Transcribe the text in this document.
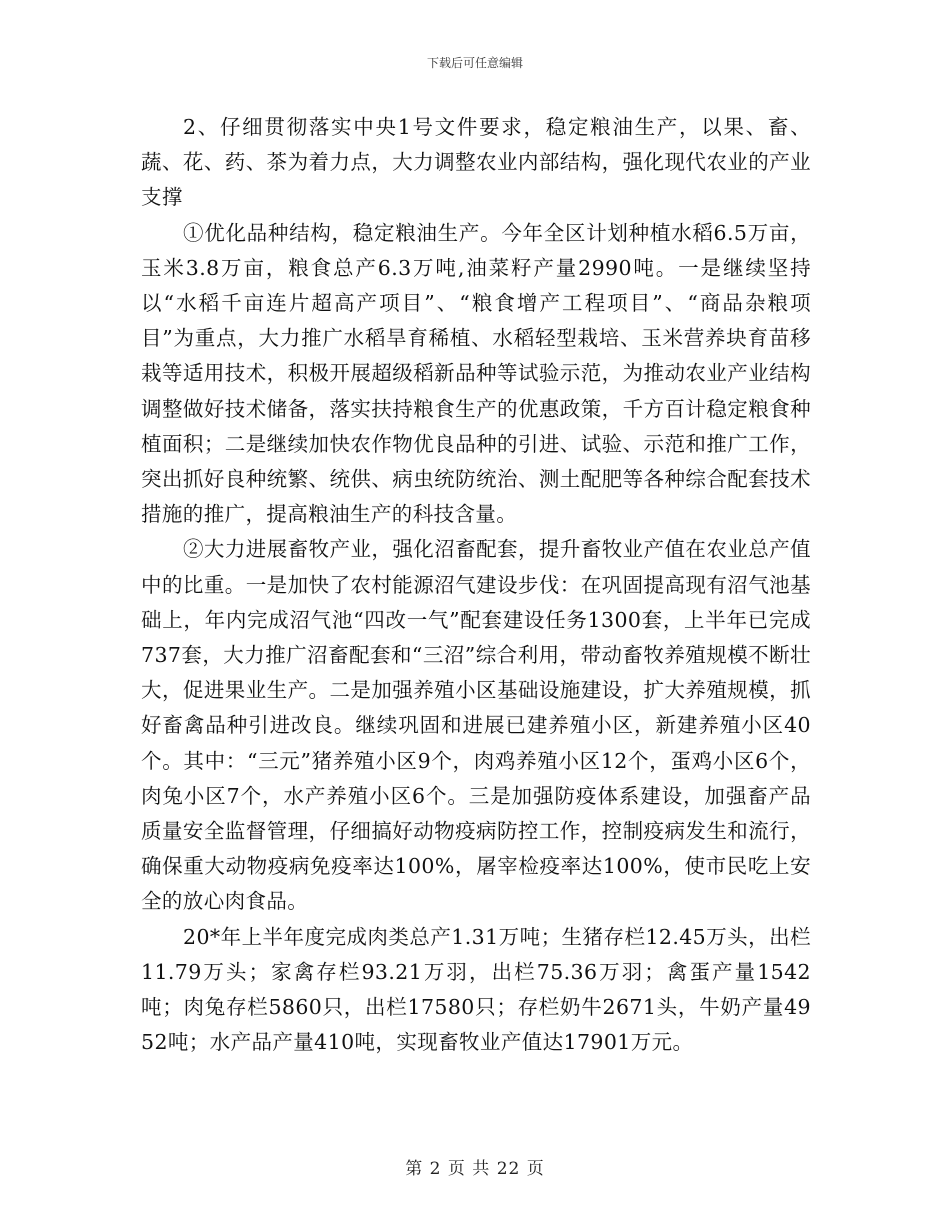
下载后可任意编辑

2、仔细贯彻落实中央1号文件要求，稳定粮油生产，以果、畜、蔬、花、药、茶为着力点，大力调整农业内部结构，强化现代农业的产业支撑

①优化品种结构，稳定粮油生产。今年全区计划种植水稻6.5万亩，玉米3.8万亩，粮食总产6.3万吨,油菜籽产量2990吨。一是继续坚持以“水稻千亩连片超高产项目”、“粮食增产工程项目”、“商品杂粮项目”为重点，大力推广水稻旱育稀植、水稻轻型栽培、玉米营养块育苗移栽等适用技术，积极开展超级稻新品种等试验示范，为推动农业产业结构调整做好技术储备，落实扶持粮食生产的优惠政策，千方百计稳定粮食种植面积；二是继续加快农作物优良品种的引进、试验、示范和推广工作，突出抓好良种统繁、统供、病虫统防统治、测土配肥等各种综合配套技术措施的推广，提高粮油生产的科技含量。

②大力进展畜牧产业，强化沼畜配套，提升畜牧业产值在农业总产值中的比重。一是加快了农村能源沼气建设步伐：在巩固提高现有沼气池基础上，年内完成沼气池“四改一气”配套建设任务1300套，上半年已完成737套，大力推广沼畜配套和“三沼”综合利用，带动畜牧养殖规模不断壮大，促进果业生产。二是加强养殖小区基础设施建设，扩大养殖规模，抓好畜禽品种引进改良。继续巩固和进展已建养殖小区，新建养殖小区40个。其中：“三元”猪养殖小区9个，肉鸡养殖小区12个，蛋鸡小区6个，肉兔小区7个，水产养殖小区6个。三是加强防疫体系建设，加强畜产品质量安全监督管理，仔细搞好动物疫病防控工作，控制疫病发生和流行，确保重大动物疫病免疫率达100%，屠宰检疫率达100%，使市民吃上安全的放心肉食品。

20*年上半年度完成肉类总产1.31万吨；生猪存栏12.45万头，出栏11.79万头；家禽存栏93.21万羽，出栏75.36万羽；禽蛋产量1542吨；肉兔存栏5860只，出栏17580只；存栏奶牛2671头，牛奶产量4952吨；水产品产量410吨，实现畜牧业产值达17901万元。

第 2 页 共 22 页
